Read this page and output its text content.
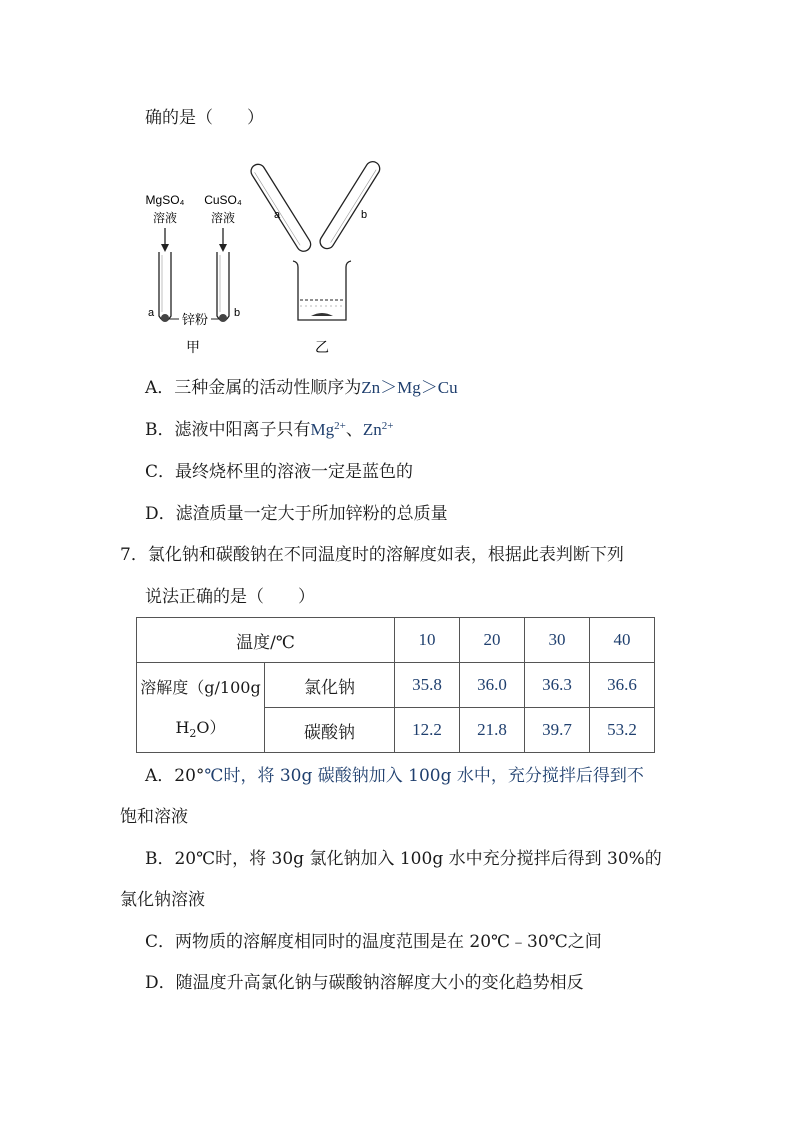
确的是（　　）
MgSO₄
溶液
CuSO₄
溶液
a	b
锌粉
甲
a	b
乙
A．三种金属的活动性顺序为Zn＞Mg＞Cu
B．滤液中阳离子只有$Mg^{2+}$、$Zn^{2+}$
C．最终烧杯里的溶液一定是蓝色的
D．滤渣质量一定大于所加锌粉的总质量
7．氯化钠和碳酸钠在不同温度时的溶解度如表，根据此表判断下列
说法正确的是（　　）
温度/℃		10	20	30	40

溶解度（g/100g
$H_2O$）	氯化钠	35.8	36.0	36.3	36.6
	碳酸钠	12.2	21.8	39.7	53.2
A．20°℃时，将 30g 碳酸钠加入 100g 水中，充分搅拌后得到不
饱和溶液
B．20℃时，将 30g 氯化钠加入 100g 水中充分搅拌后得到 30%的
氯化钠溶液
C．两物质的溶解度相同时的温度范围是在 20℃﹣30℃之间
D．随温度升高氯化钠与碳酸钠溶解度大小的变化趋势相反
